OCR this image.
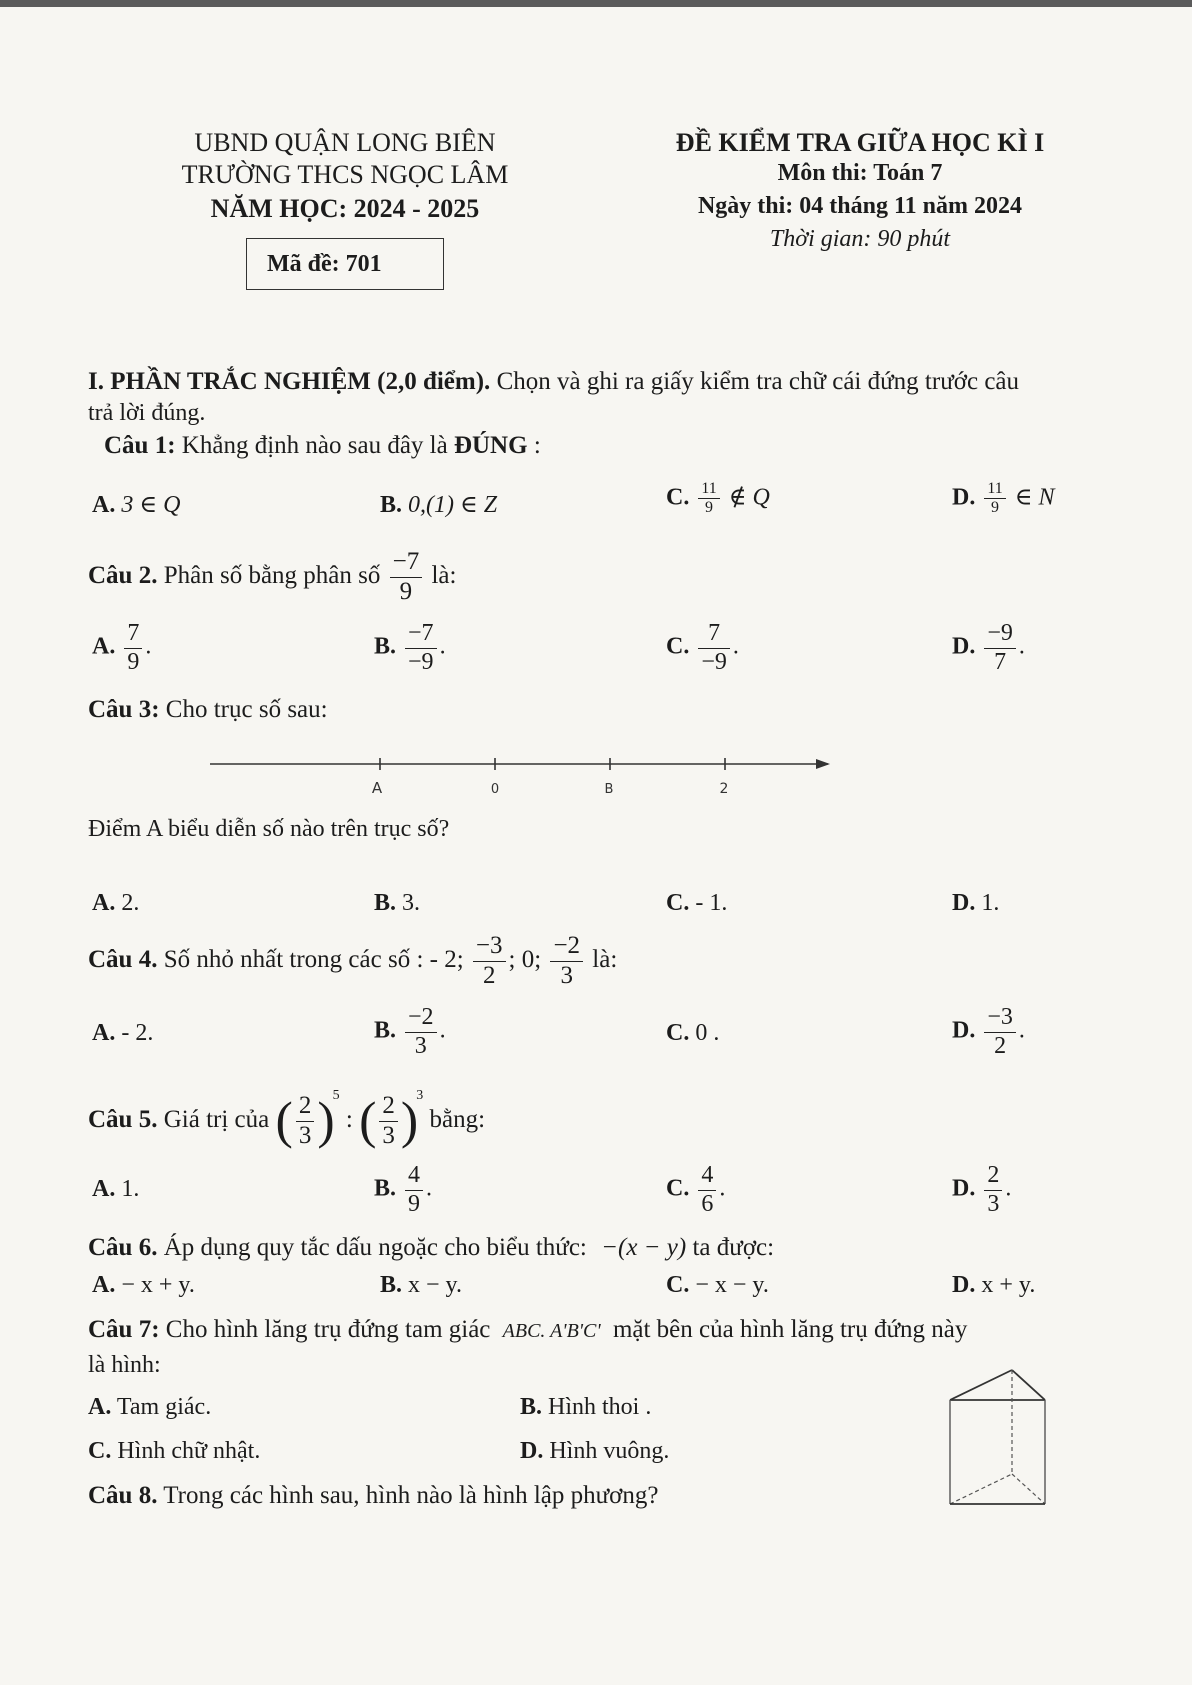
UBND QUẬN LONG BIÊN
TRƯỜNG THCS NGỌC LÂM
NĂM HỌC: 2024 - 2025
Mã đề: 701
ĐỀ KIỂM TRA GIỮA HỌC KÌ I
Môn thi: Toán 7
Ngày thi: 04 tháng 11 năm 2024
Thời gian: 90 phút
I. PHẦN TRẮC NGHIỆM (2,0 điểm). Chọn và ghi ra giấy kiểm tra chữ cái đứng trước câu
trả lời đúng.
Câu 1: Khẳng định nào sau đây là ĐÚNG :
A. 3 ∈ Q	B. 0,(1) ∈ Z	C. $\frac{11}{9}$ ∉ Q	D. $\frac{11}{9}$ ∈ N
Câu 2. Phân số bằng phân số $\frac{-7}{9}$ là:
A. $\frac{7}{9}$ .	B. $\frac{-7}{-9}$ .	C. $\frac{7}{-9}$ .	D. $\frac{-9}{7}$ .
Câu 3: Cho trục số sau:
A	0	B	2
Điểm A biểu diễn số nào trên trục số?
A. 2.	B. 3.	C. - 1.	D. 1.
Câu 4. Số nhỏ nhất trong các số : - 2; $\frac{-3}{2}$ ; 0; $\frac{-2}{3}$ là:
A. - 2.	B. $\frac{-2}{3}$ .	C. 0 .	D. $\frac{-3}{2}$ .
Câu 5. Giá trị của ( $\frac{2}{3} )^5$ : ( $\frac{2}{3} )^3$ bằng:
A. 1.	B. $\frac{4}{9}$ .	C. $\frac{4}{6}$ .	D. $\frac{2}{3}$ .
Câu 6. Áp dụng quy tắc dấu ngoặc cho biểu thức: −(x − y) ta được:
A. − x + y.	B. x − y.	C. − x − y.	D. x + y.
Câu 7: Cho hình lăng trụ đứng tam giác ABC. A'B'C' mặt bên của hình lăng trụ đứng này
là hình:
A. Tam giác.	B. Hình thoi .
C. Hình chữ nhật.	D. Hình vuông.
Câu 8. Trong các hình sau, hình nào là hình lập phương?
